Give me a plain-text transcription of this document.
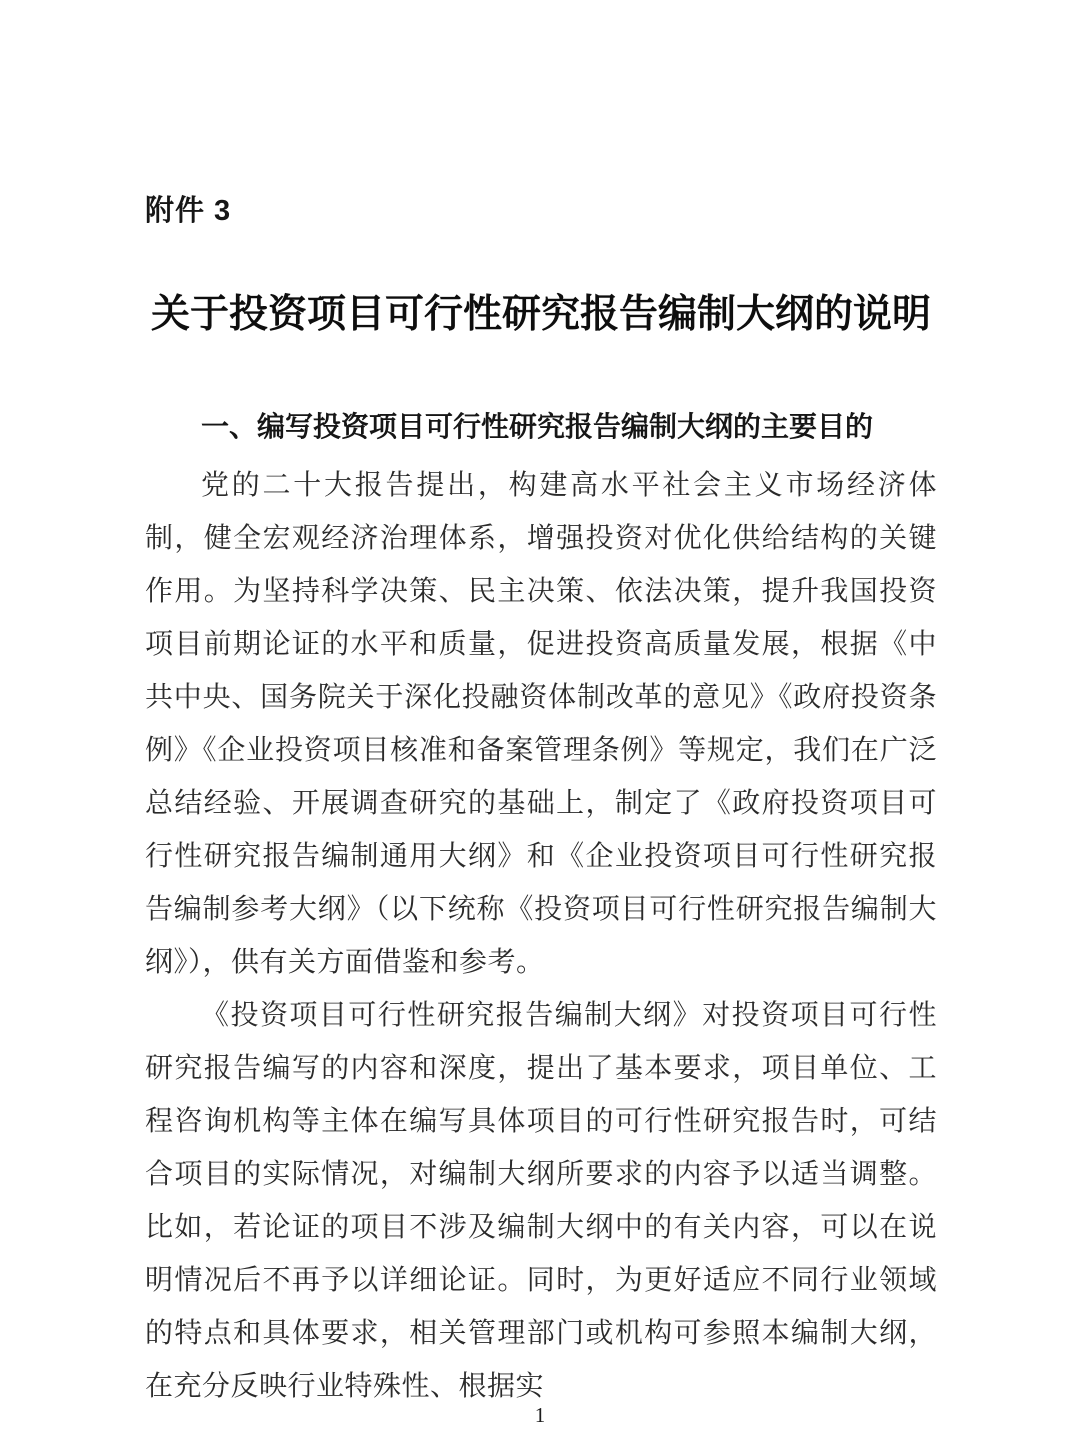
附件 3
关于投资项目可行性研究报告编制大纲的说明
一、编写投资项目可行性研究报告编制大纲的主要目的

党的二十大报告提出，构建高水平社会主义市场经济体制，健全宏观经济治理体系，增强投资对优化供给结构的关键作用。为坚持科学决策、民主决策、依法决策，提升我国投资项目前期论证的水平和质量，促进投资高质量发展，根据《中共中央、国务院关于深化投融资体制改革的意见》《政府投资条例》《企业投资项目核准和备案管理条例》等规定，我们在广泛总结经验、开展调查研究的基础上，制定了《政府投资项目可行性研究报告编制通用大纲》和《企业投资项目可行性研究报告编制参考大纲》（以下统称《投资项目可行性研究报告编制大纲》），供有关方面借鉴和参考。

《投资项目可行性研究报告编制大纲》对投资项目可行性研究报告编写的内容和深度，提出了基本要求，项目单位、工程咨询机构等主体在编写具体项目的可行性研究报告时，可结合项目的实际情况，对编制大纲所要求的内容予以适当调整。比如，若论证的项目不涉及编制大纲中的有关内容，可以在说明情况后不再予以详细论证。同时，为更好适应不同行业领域的特点和具体要求，相关管理部门或机构可参照本编制大纲，在充分反映行业特殊性、根据实

1
